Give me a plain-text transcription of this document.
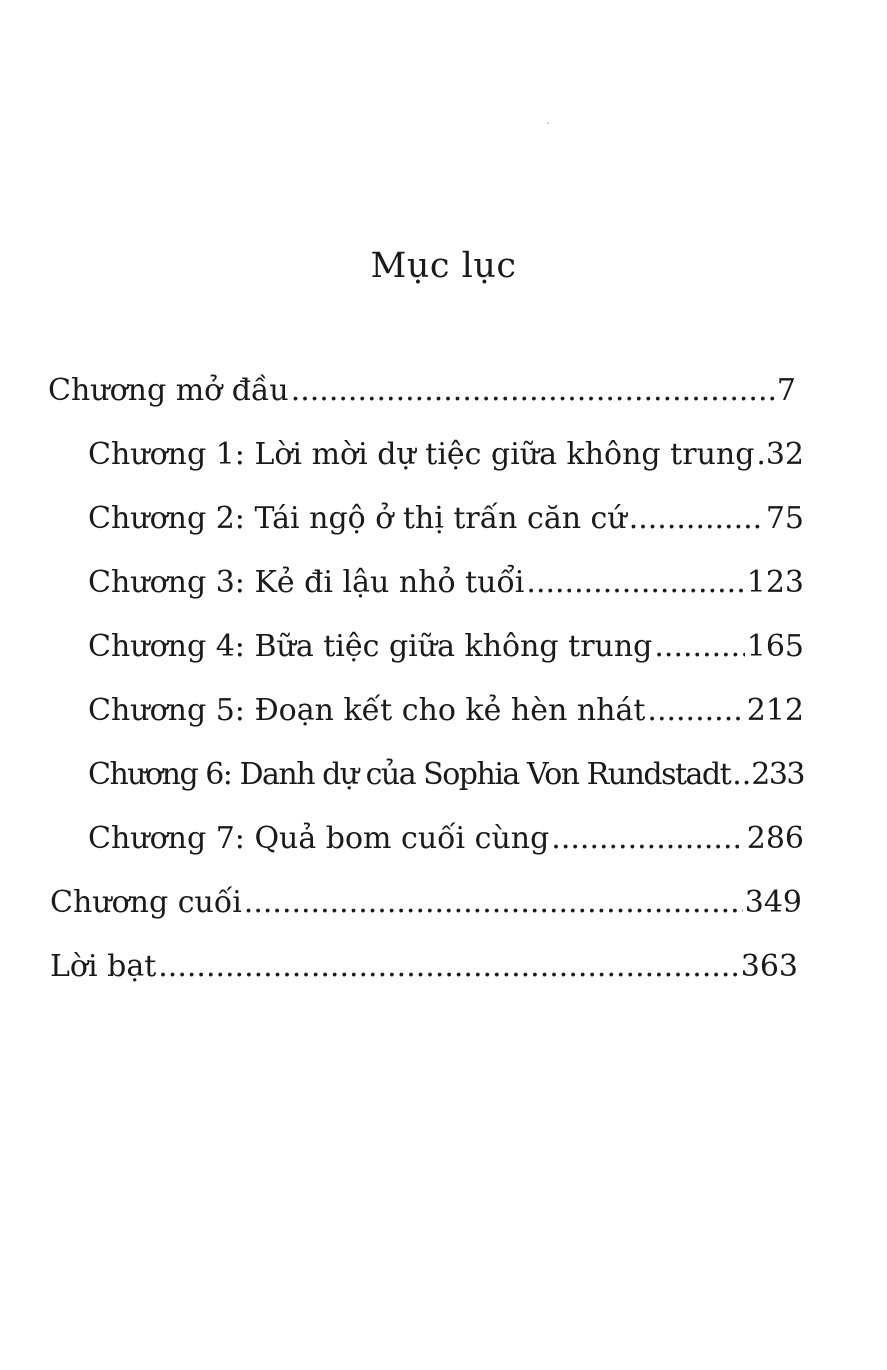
Mục lục
Chương mở đầu .....	7
Chương 1: Lời mời dự tiệc giữa không trung ..... 32
Chương 2: Tái ngộ ở thị trấn căn cứ .....	75
Chương 3: Kẻ đi lậu nhỏ tuổi .....	123
Chương 4: Bữa tiệc giữa không trung .....	165
Chương 5: Đoạn kết cho kẻ hèn nhát .....	212
Chương 6: Danh dự của Sophia Von Rundstadt ..... 233
Chương 7: Quả bom cuối cùng .....	286
Chương cuối .....	349
Lời bạt .....	363
